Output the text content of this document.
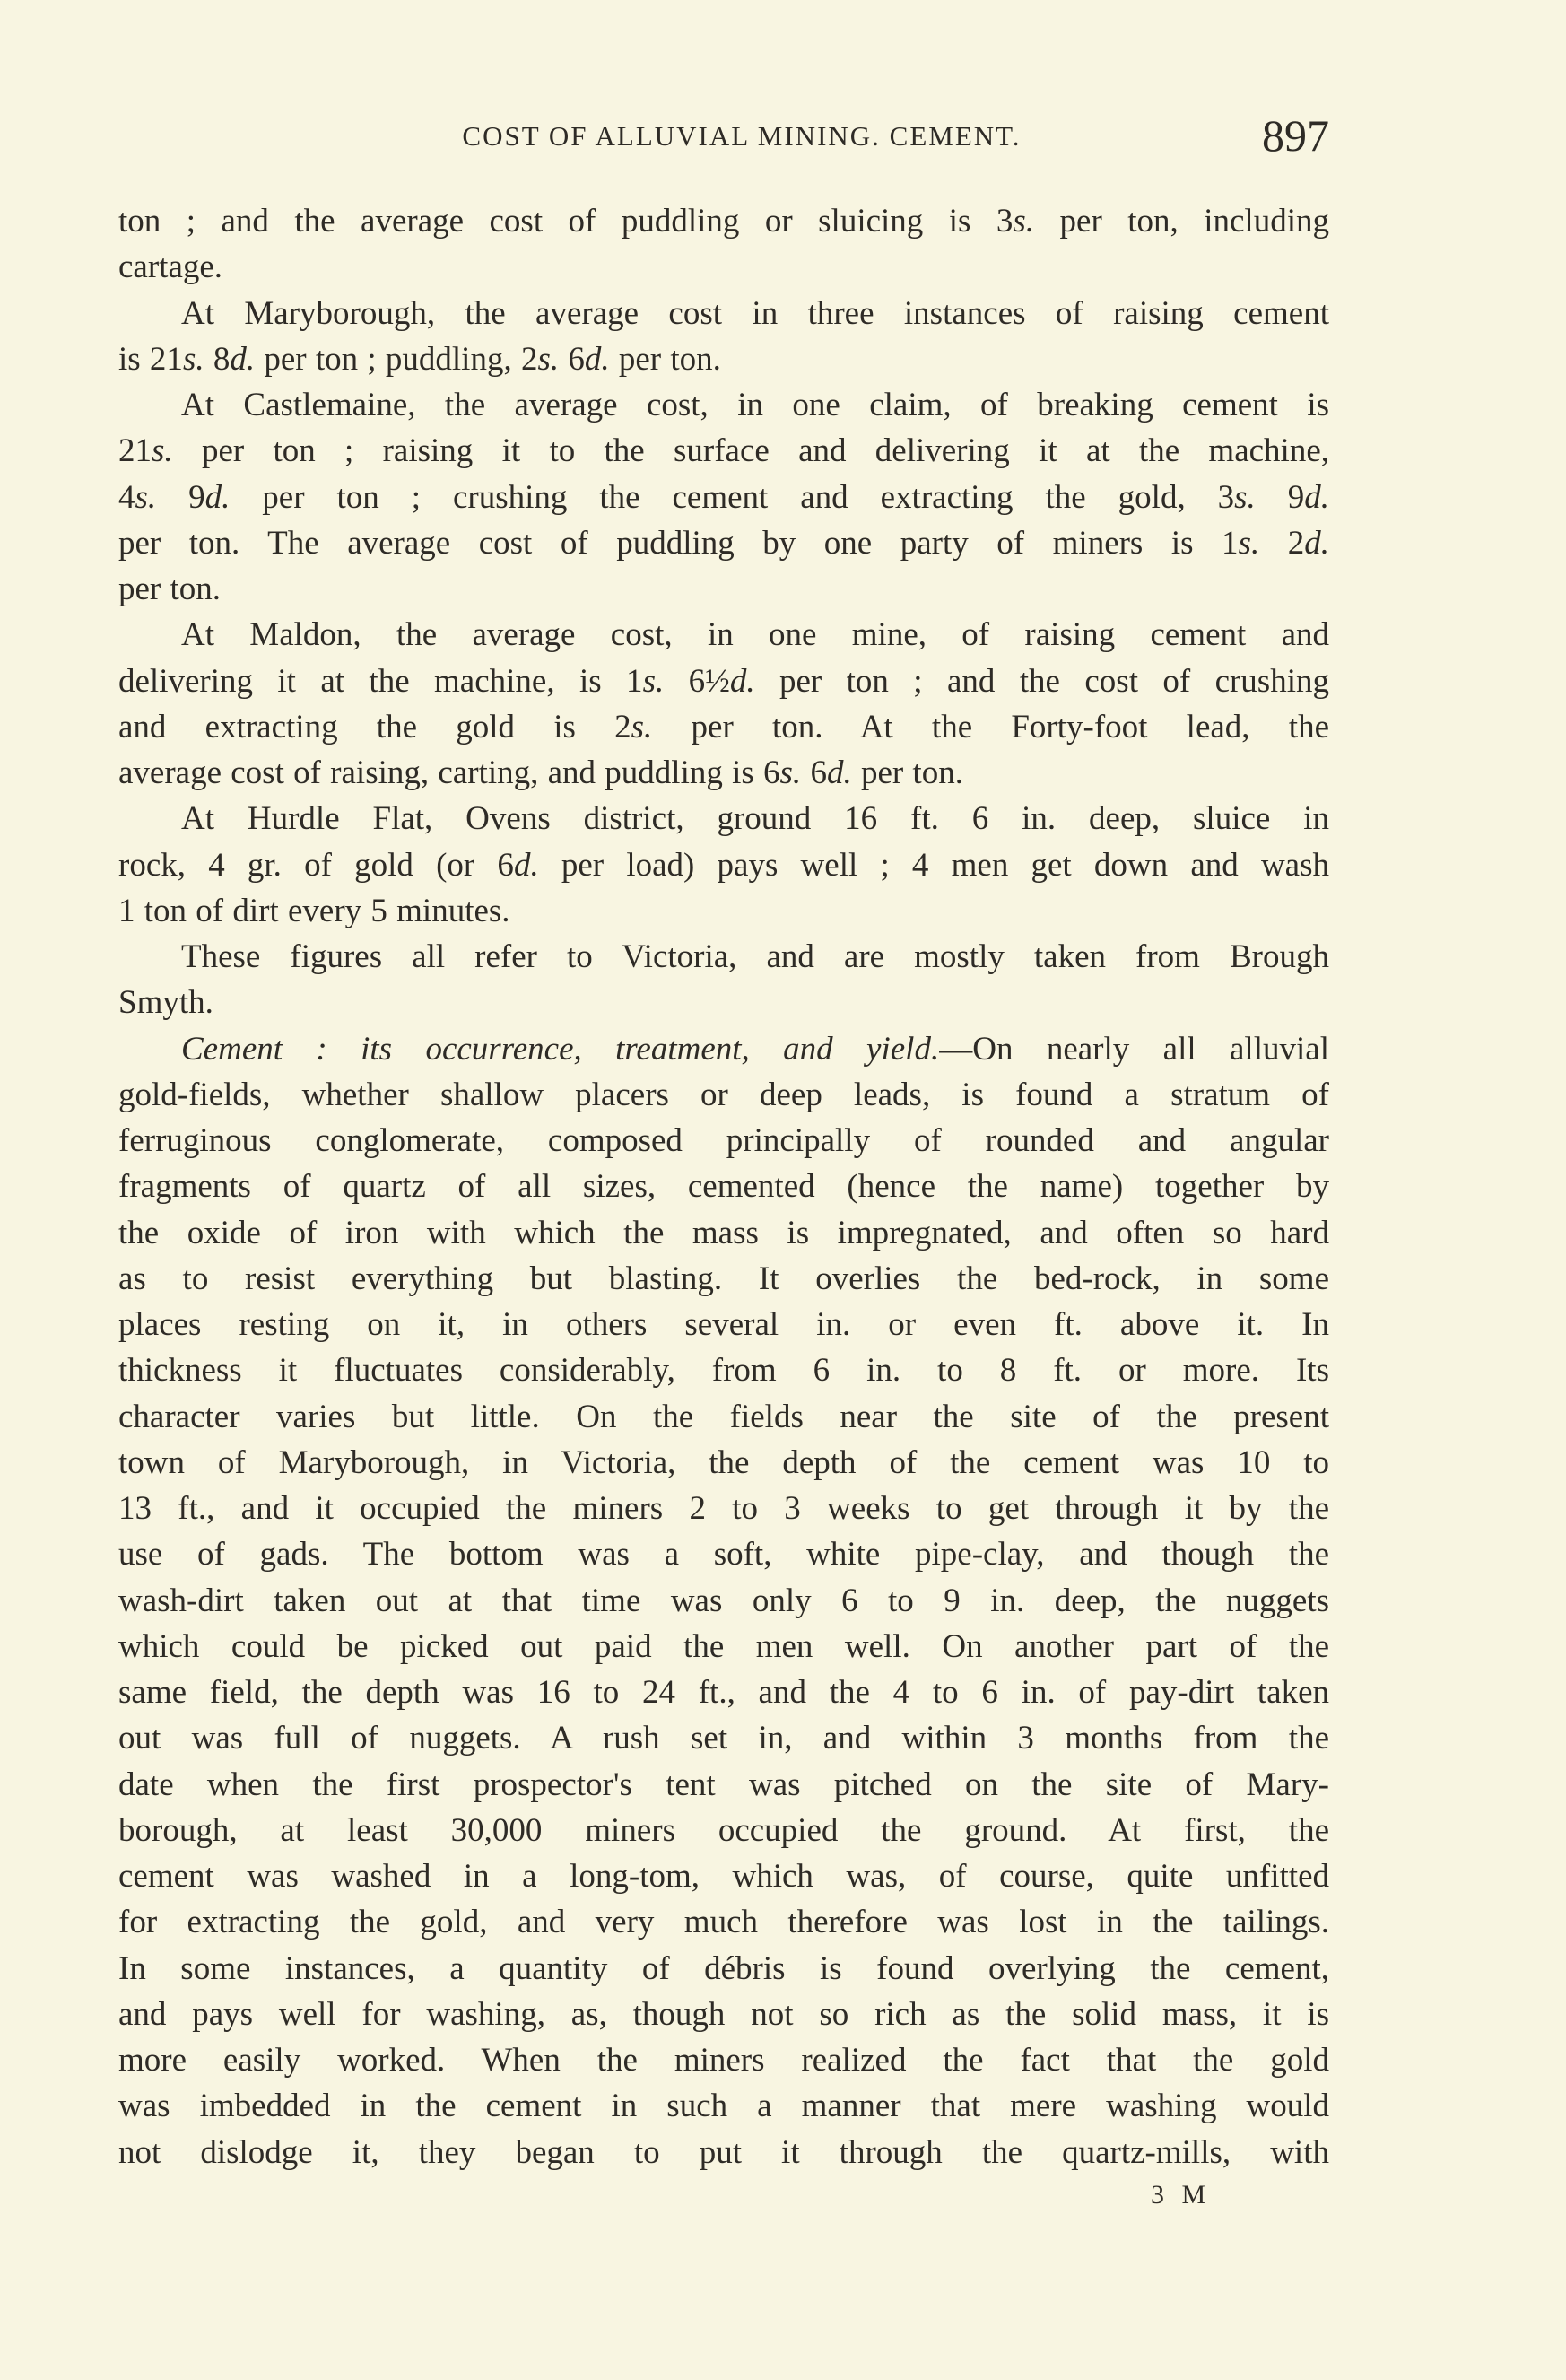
COST OF ALLUVIAL MINING. CEMENT.	897
ton ; and the average cost of puddling or sluicing is 3s. per ton, including
cartage.
At Maryborough, the average cost in three instances of raising cement
is 21s. 8d. per ton ; puddling, 2s. 6d. per ton.
At Castlemaine, the average cost, in one claim, of breaking cement is
21s. per ton ; raising it to the surface and delivering it at the machine,
4s. 9d. per ton ; crushing the cement and extracting the gold, 3s. 9d.
per ton. The average cost of puddling by one party of miners is 1s. 2d.
per ton.
At Maldon, the average cost, in one mine, of raising cement and
delivering it at the machine, is 1s. 6½d. per ton ; and the cost of crushing
and extracting the gold is 2s. per ton. At the Forty-foot lead, the
average cost of raising, carting, and puddling is 6s. 6d. per ton.
At Hurdle Flat, Ovens district, ground 16 ft. 6 in. deep, sluice in
rock, 4 gr. of gold (or 6d. per load) pays well ; 4 men get down and wash
1 ton of dirt every 5 minutes.
These figures all refer to Victoria, and are mostly taken from Brough
Smyth.
Cement : its occurrence, treatment, and yield.—On nearly all alluvial
gold-fields, whether shallow placers or deep leads, is found a stratum of
ferruginous conglomerate, composed principally of rounded and angular
fragments of quartz of all sizes, cemented (hence the name) together by
the oxide of iron with which the mass is impregnated, and often so hard
as to resist everything but blasting. It overlies the bed-rock, in some
places resting on it, in others several in. or even ft. above it. In
thickness it fluctuates considerably, from 6 in. to 8 ft. or more. Its
character varies but little. On the fields near the site of the present
town of Maryborough, in Victoria, the depth of the cement was 10 to
13 ft., and it occupied the miners 2 to 3 weeks to get through it by the
use of gads. The bottom was a soft, white pipe-clay, and though the
wash-dirt taken out at that time was only 6 to 9 in. deep, the nuggets
which could be picked out paid the men well. On another part of the
same field, the depth was 16 to 24 ft., and the 4 to 6 in. of pay-dirt taken
out was full of nuggets. A rush set in, and within 3 months from the
date when the first prospector's tent was pitched on the site of Mary-
borough, at least 30,000 miners occupied the ground. At first, the
cement was washed in a long-tom, which was, of course, quite unfitted
for extracting the gold, and very much therefore was lost in the tailings.
In some instances, a quantity of débris is found overlying the cement,
and pays well for washing, as, though not so rich as the solid mass, it is
more easily worked. When the miners realized the fact that the gold
was imbedded in the cement in such a manner that mere washing would
not dislodge it, they began to put it through the quartz-mills, with
3 M
